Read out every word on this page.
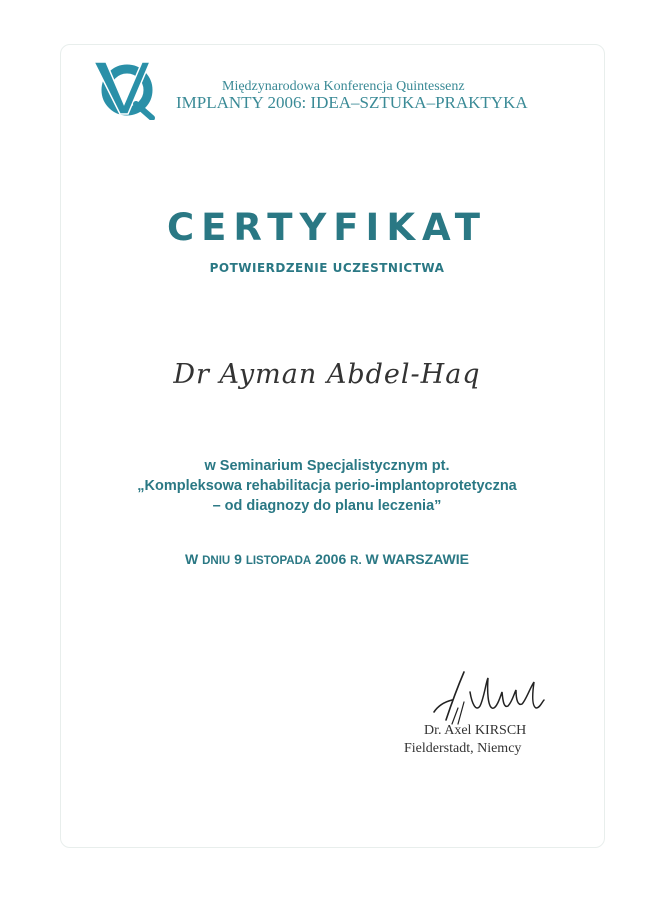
Międzynarodowa Konferencja Quintessenz
IMPLANTY 2006: IDEA–SZTUKA–PRAKTYKA
CERTYFIKAT
POTWIERDZENIE UCZESTNICTWA
Dr Ayman Abdel-Haq
w Seminarium Specjalistycznym pt.
„Kompleksowa rehabilitacja perio-implantoprotetyczna
– od diagnozy do planu leczenia”
W DNIU 9 LISTOPADA 2006 R. W WARSZAWIE
Dr. Axel KIRSCH
Fielderstadt, Niemcy
